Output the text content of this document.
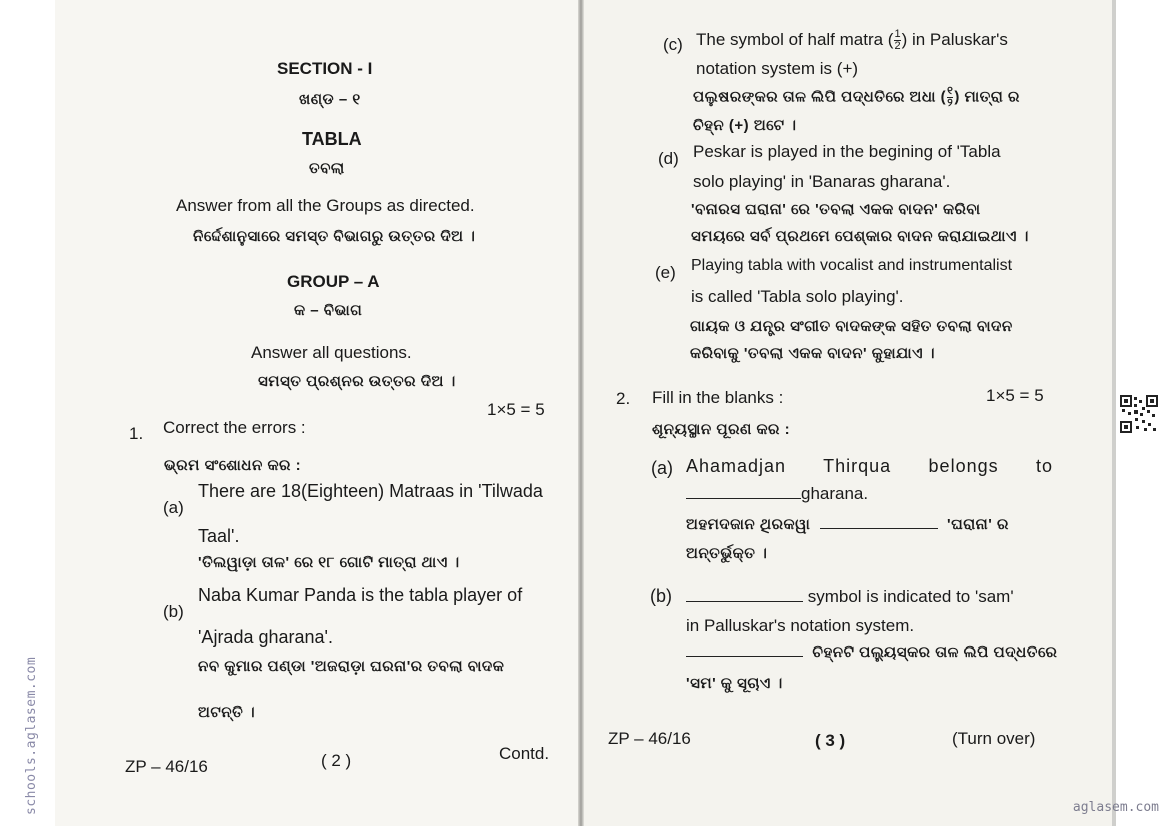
SECTION - I
ଖଣ୍ଡ – ୧
TABLA
ତବଲା
Answer from all the Groups as directed.
ନିର୍ଦ୍ଦେଶାନୁସାରେ ସମସ୍ତ ବିଭାଗରୁ ଉତ୍ତର ଦିଅ ।
GROUP – A
କ – ବିଭାଗ
Answer all questions.
ସମସ୍ତ ପ୍ରଶ୍ନର ଉତ୍ତର ଦିଅ ।
1. Correct the errors :
1×5 = 5
ଭ୍ରମ ସଂଶୋଧନ କର :
(a)
There are 18(Eighteen) Matraas in 'Tilwada
Taal'.
'ତିଲୱାଡ଼ା ତାଳ' ରେ ୧୮ ଗୋଟି ମାତ୍ରା ଥାଏ ।
(b)
Naba Kumar Panda is the tabla player of
'Ajrada gharana'.
ନବ କୁମାର ପଣ୍ଡା 'ଅଜରାଡ଼ା ଘରନା'ର ତବଲା ବାଦକ
ଅଟନ୍ତି ।
ZP – 46/16	( 2 )	Contd.
(c) The symbol of half matra ( $\frac{1}{2}$ ) in Paluskar's
notation system is (+)
ପଲୁଷରଙ୍କର ତାଳ ଲିପି ପଦ୍ଧତିରେ ଅଧା ( $\frac{୧}{୨}$ ) ମାତ୍ରା ର
ଚିହ୍ନ (+) ଅଟେ ।
(d) Peskar is played in the begining of 'Tabla
solo playing' in 'Banaras gharana'.
'ବନାରସ ଘରାନା' ରେ 'ତବଲା ଏକକ ବାଦନ' କରିବା
ସମୟରେ ସର୍ବ ପ୍ରଥମେ ପେଶ୍କାର ବାଦନ କରାଯାଇଥାଏ ।
(e) Playing tabla with vocalist and instrumentalist
is called 'Tabla solo playing'.
ଗାୟକ ଓ ଯନ୍ତ୍ର ସଂଗୀତ ବାଦକଙ୍କ ସହିତ ତବଲା ବାଦନ
କରିବାକୁ 'ତବଲା ଏକକ ବାଦନ' କୁହାଯାଏ ।
2. Fill in the blanks :	1×5 = 5
ଶୂନ୍ୟସ୍ଥାନ ପୂରଣ କର :
(a) Ahamadjan Thirqua belongs to
gharana.
ଅହମଦଜାନ ଥିରକୱା	'ଘରାନା' ର
ଅନ୍ତର୍ଭୁକ୍ତ ।
(b)	symbol is indicated to 'sam'
in Palluskar's notation system.
ଚିହ୍ନଟି ପଲ୍ୟୁସ୍କର ତାଳ ଲିପି ପଦ୍ଧତିରେ
'ସମ' କୁ ସୂଚାଏ ।
ZP – 46/16	( 3 )	(Turn over)
schools.aglasem.com	aglasem.com
